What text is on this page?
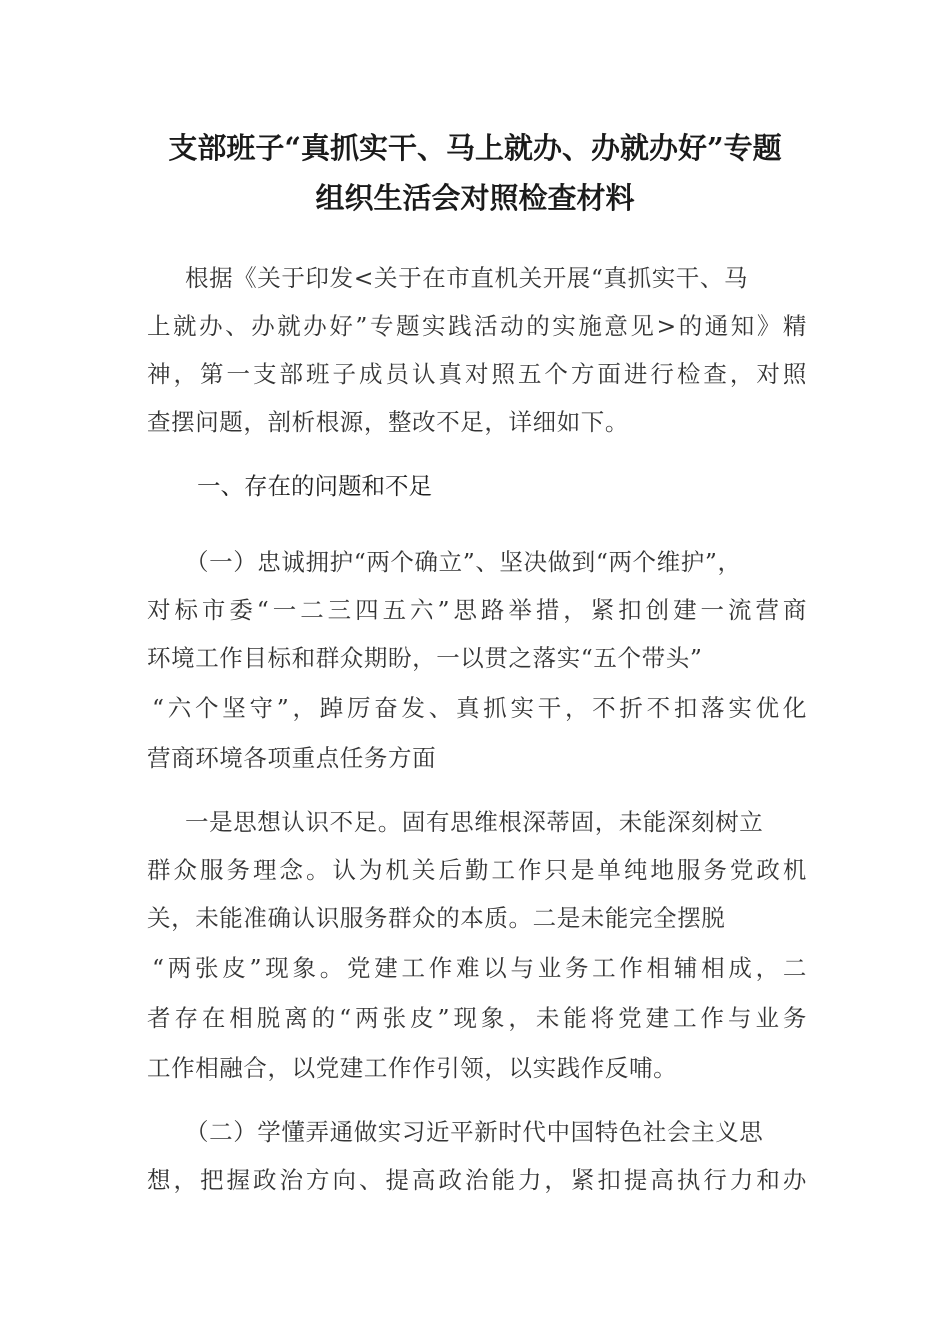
支部班子“真抓实干、马上就办、办就办好”专题
组织生活会对照检查材料
根据《关于印发<关于在市直机关开展“真抓实干、马
上就办、办就办好”专题实践活动的实施意见>的通知》精
神，第一支部班子成员认真对照五个方面进行检查，对照
查摆问题，剖析根源，整改不足，详细如下。
一、存在的问题和不足
（一）忠诚拥护“两个确立”、坚决做到“两个维护”，
对标市委“一二三四五六”思路举措，紧扣创建一流营商
环境工作目标和群众期盼，一以贯之落实“五个带头”
“六个坚守”，踔厉奋发、真抓实干，不折不扣落实优化
营商环境各项重点任务方面
一是思想认识不足。固有思维根深蒂固，未能深刻树立
群众服务理念。认为机关后勤工作只是单纯地服务党政机
关，未能准确认识服务群众的本质。二是未能完全摆脱
“两张皮”现象。党建工作难以与业务工作相辅相成，二
者存在相脱离的“两张皮”现象，未能将党建工作与业务
工作相融合，以党建工作作引领，以实践作反哺。
（二）学懂弄通做实习近平新时代中国特色社会主义思
想，把握政治方向、提高政治能力，紧扣提高执行力和办
